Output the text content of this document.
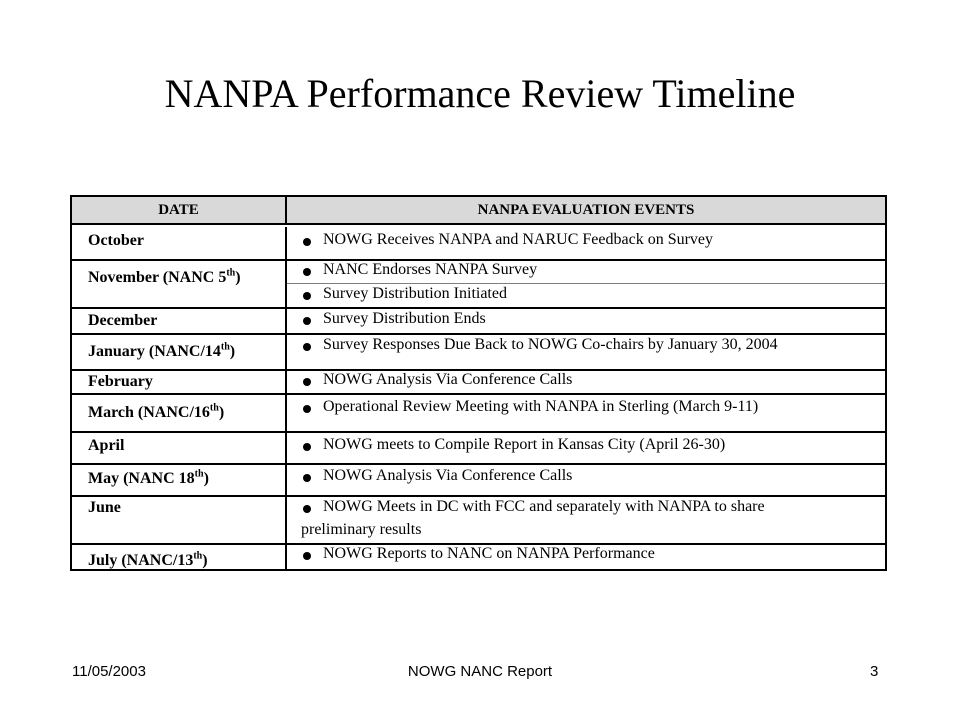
NANPA Performance Review Timeline
DATE	NANPA EVALUATION EVENTS
October	NOWG Receives NANPA and NARUC Feedback on Survey
November (NANC 5th)	NANC Endorses NANPA Survey
Survey Distribution Initiated
December	Survey Distribution Ends
January (NANC/14th)	Survey Responses Due Back to NOWG Co-chairs by January 30, 2004
February	NOWG Analysis Via Conference Calls
March (NANC/16th)	Operational Review Meeting with NANPA in Sterling (March 9-11)
April	NOWG meets to Compile Report in Kansas City (April 26-30)
May (NANC 18th)	NOWG Analysis Via Conference Calls
June	NOWG Meets in DC with FCC and separately with NANPA to share
preliminary results
July (NANC/13th)	NOWG Reports to NANC on NANPA Performance
11/05/2003	NOWG NANC Report	3
